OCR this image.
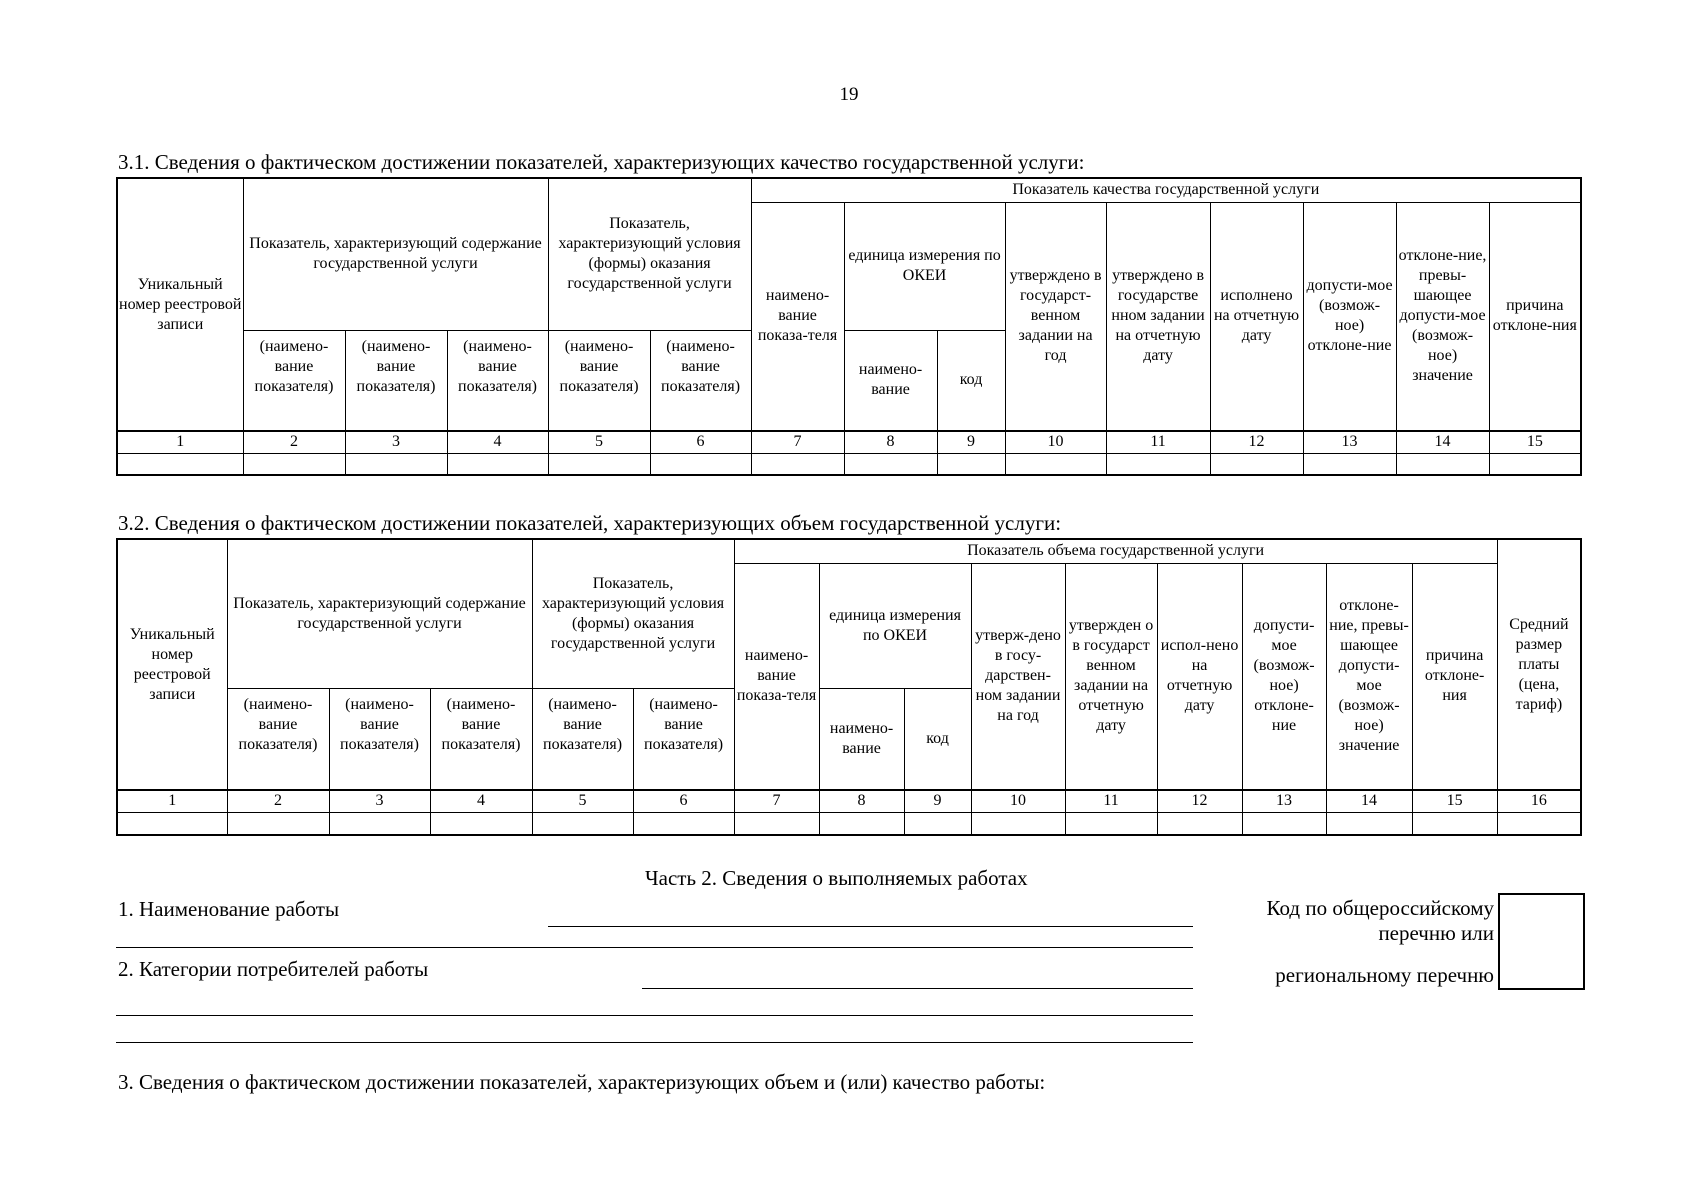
19
3.1. Сведения о фактическом достижении показателей, характеризующих качество государственной услуги:
Уникальный номер реестровой записи	Показатель, характеризующий содержание государственной услуги			Показатель, характеризующий условия (формы) оказания государственной услуги		Показатель качества государственной услуги								
						наимено-вание показа-теля	единица измерения по ОКЕИ		утверждено в государст-венном задании на год	утверждено в государстве нном задании на отчетную дату	исполнено на отчетную дату	допусти-мое (возмож-ное) отклоне-ние	отклоне-ние, превы-шающее допусти-мое (возмож-ное) значение	причина отклоне-ния
	(наимено-вание показателя)	(наимено-вание показателя)	(наимено-вание показателя)	(наимено-вание показателя)	(наимено-вание показателя)		наимено-вание	код						
1	2	3	4	5	6	7	8	9	10	11	12	13	14	15

3.2. Сведения о фактическом достижении показателей, характеризующих объем государственной услуги:
Уникальный номер реестровой записи	Показатель, характеризующий содержание государственной услуги			Показатель, характеризующий условия (формы) оказания государственной услуги		Показатель объема государственной услуги									Средний размер платы (цена, тариф)
						наимено-вание показа-теля	единица измерения по ОКЕИ		утверж-дено в госу-дарствен-ном задании на год	утвержден о в государст венном задании на отчетную дату	испол-нено на отчетную дату	допусти-мое (возмож-ное) отклоне-ние	отклоне-ние, превы-шающее допусти-мое (возмож-ное) значение	причина отклоне-ния	
	(наимено-вание показателя)	(наимено-вание показателя)	(наимено-вание показателя)	(наимено-вание показателя)	(наимено-вание показателя)		наимено-вание	код							
1	2	3	4	5	6	7	8	9	10	11	12	13	14	15	16

Часть 2. Сведения о выполняемых работах
1. Наименование работы
2. Категории потребителей работы
Код по общероссийскому
перечню или
региональному перечню
3. Сведения о фактическом достижении показателей, характеризующих объем и (или) качество работы:
